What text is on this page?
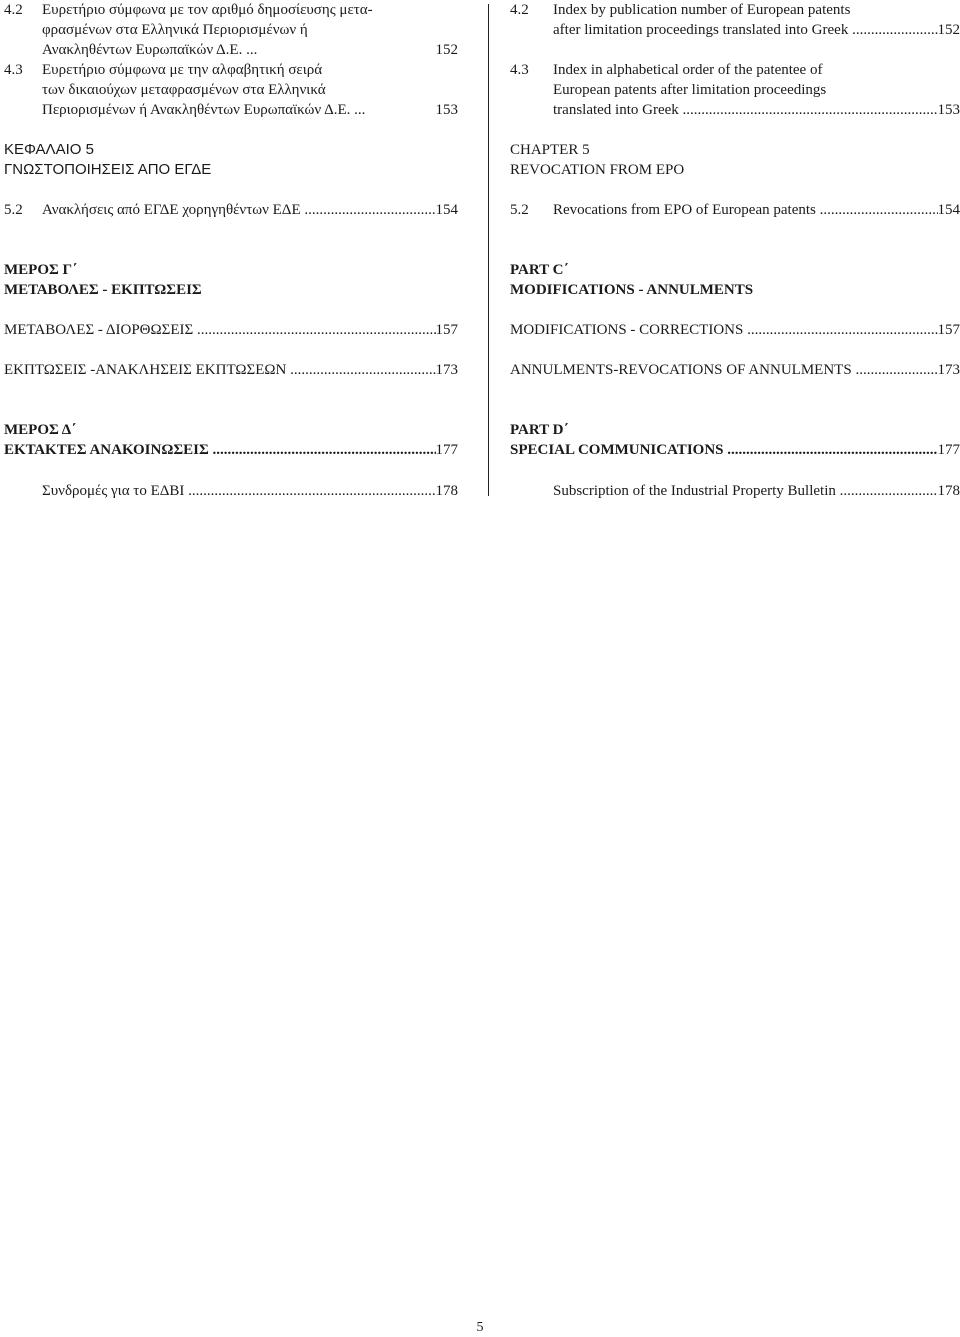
4.2 Ευρετήριο σύμφωνα με τον αριθμό δημοσίευσης μετα-
φρασμένων στα Ελληνικά Περιορισμένων ή
Ανακληθέντων Ευρωπαϊκών Δ.Ε. ...	152
4.3 Ευρετήριο σύμφωνα με την αλφαβητική σειρά
των δικαιούχων μεταφρασμένων στα Ελληνικά
Περιορισμένων ή Ανακληθέντων Ευρωπαϊκών Δ.Ε. ...	153
ΚΕΦΑΛΑΙΟ 5
ΓΝΩΣΤΟΠΟΙΗΣΕΙΣ ΑΠΟ ΕΓΔΕ
5.2 Ανακλήσεις από ΕΓΔΕ χορηγηθέντων ΕΔΕ .....	154
ΜΕΡΟΣ Γ΄
ΜΕΤΑΒΟΛΕΣ - ΕΚΠΤΩΣΕΙΣ
ΜΕΤΑΒΟΛΕΣ - ΔΙΟΡΘΩΣΕΙΣ .....	157
ΕΚΠΤΩΣΕΙΣ -ΑΝΑΚΛΗΣΕΙΣ ΕΚΠΤΩΣΕΩΝ .....	173
ΜΕΡΟΣ Δ΄
ΕΚΤΑΚΤΕΣ ΑΝΑΚΟΙΝΩΣΕΙΣ .....	177
Συνδρομές για το ΕΔΒΙ .....	178
4.2 Index by publication number of European patents
after limitation proceedings translated into Greek .....	152
4.3 Index in alphabetical order of the patentee of
European patents after limitation proceedings
translated into Greek .....	153
CHAPTER 5
REVOCATION FROM EPO
5.2 Revocations from EPO of European patents .....	154
PART C΄
MODIFICATIONS - ANNULMENTS
MODIFICATIONS - CORRECTIONS .....	157
ANNULMENTS-REVOCATIONS OF ANNULMENTS .....	173
PART D΄
SPECIAL COMMUNICATIONS .....	177
Subscription of the Industrial Property Bulletin .....	178
5
